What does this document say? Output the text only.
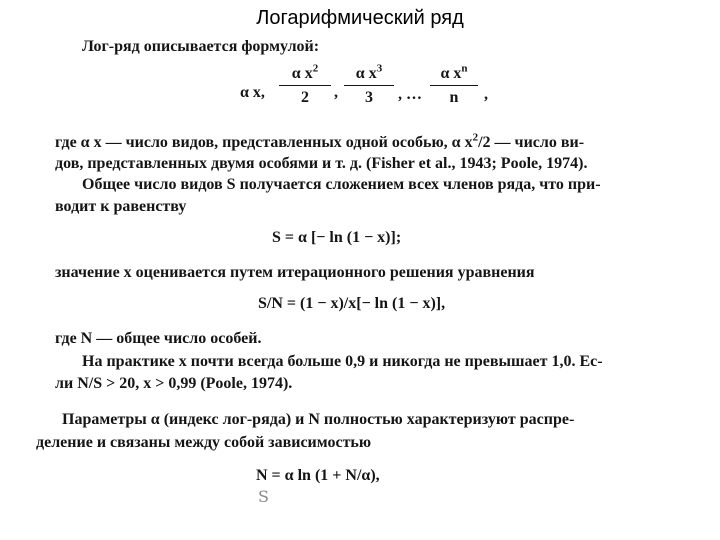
Логарифмический ряд
Лог-ряд описывается формулой:
α x,
α $x^2$
2	,
α $x^3$
3	, …
α $x^n$
n	,
где α x — число видов, представленных одной особью, α $x^2/2$ — число ви-
дов, представленных двумя особями и т. д. (Fisher et al., 1943; Poole, 1974).
Общее число видов S получается сложением всех членов ряда, что при-
водит к равенству
S = α [− ln (1 − x)];
значение x оценивается путем итерационного решения уравнения
S/N = (1 − x)/x[− ln (1 − x)],
где N — общее число особей.
На практике x почти всегда больше 0,9 и никогда не превышает 1,0. Ес-
ли N/S > 20, x > 0,99 (Poole, 1974).
Параметры α (индекс лог-ряда) и N полностью характеризуют распре-
деление и связаны между собой зависимостью
N = α ln (1 + N/α),
S
